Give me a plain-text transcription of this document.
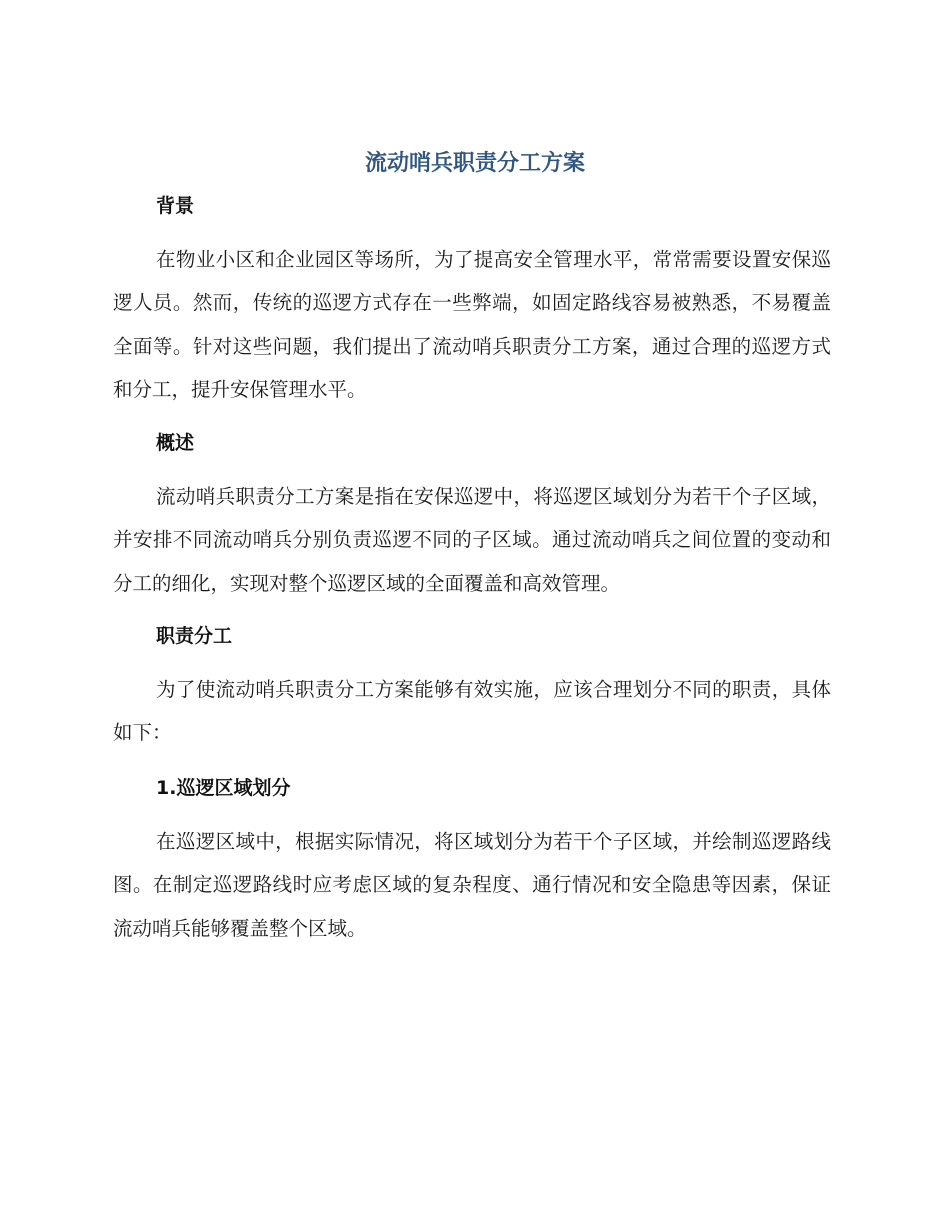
流动哨兵职责分工方案
背景

在物业小区和企业园区等场所，为了提高安全管理水平，常常需要设置安保巡逻人员。然而，传统的巡逻方式存在一些弊端，如固定路线容易被熟悉，不易覆盖全面等。针对这些问题，我们提出了流动哨兵职责分工方案，通过合理的巡逻方式和分工，提升安保管理水平。

概述

流动哨兵职责分工方案是指在安保巡逻中，将巡逻区域划分为若干个子区域，并安排不同流动哨兵分别负责巡逻不同的子区域。通过流动哨兵之间位置的变动和分工的细化，实现对整个巡逻区域的全面覆盖和高效管理。

职责分工

为了使流动哨兵职责分工方案能够有效实施，应该合理划分不同的职责，具体如下：

1.巡逻区域划分

在巡逻区域中，根据实际情况，将区域划分为若干个子区域，并绘制巡逻路线图。在制定巡逻路线时应考虑区域的复杂程度、通行情况和安全隐患等因素，保证流动哨兵能够覆盖整个区域。
